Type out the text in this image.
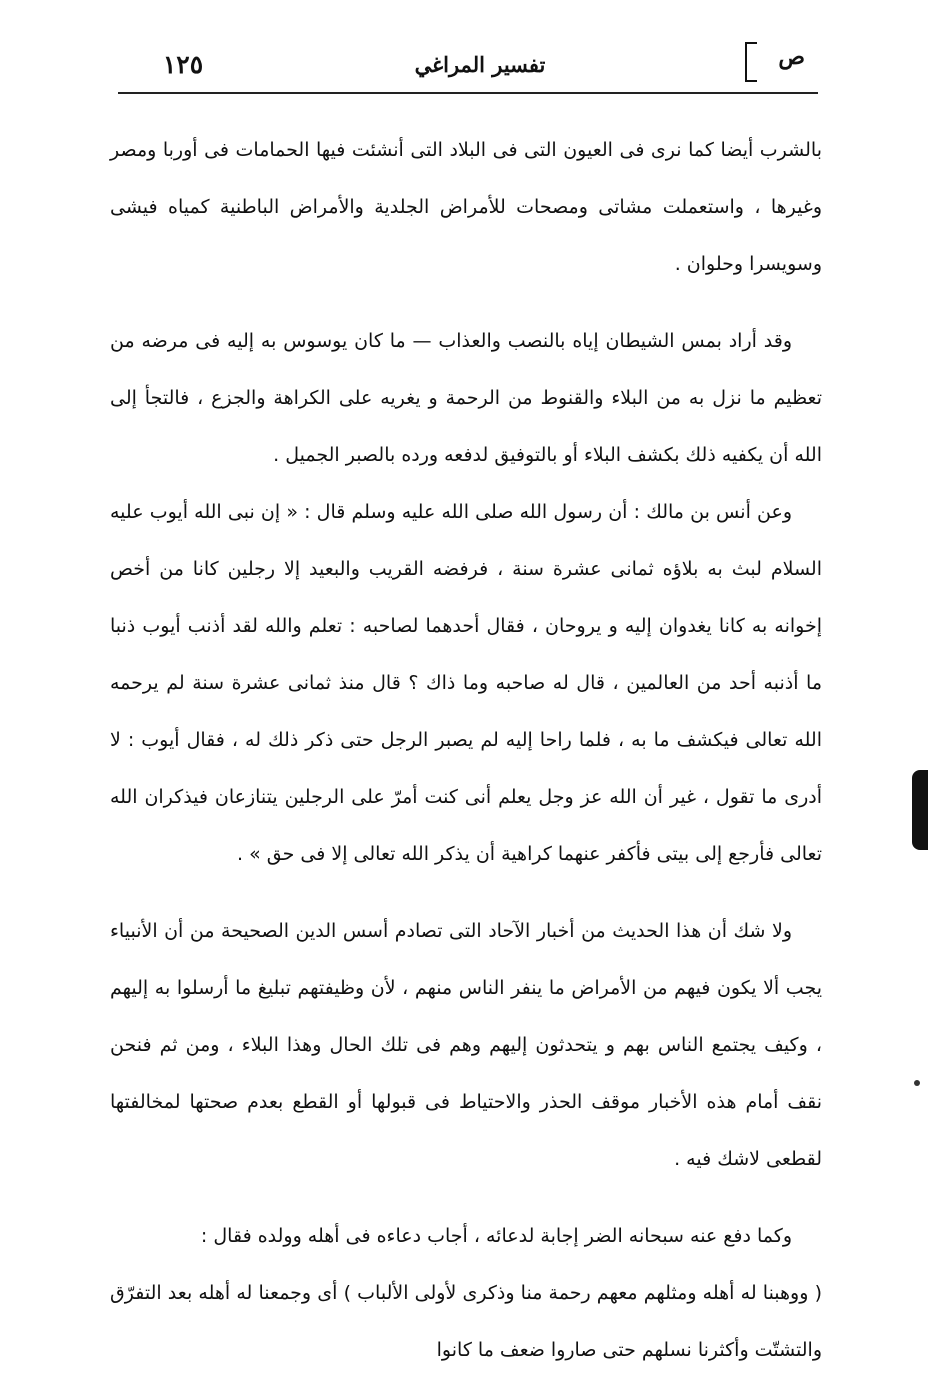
١٢٥	تفسير المراغي	ص

بالشرب أيضا كما نرى فى العيون التى فى البلاد التى أنشئت فيها الحمامات فى أوربا ومصر وغيرها ، واستعملت مشاتى ومصحات للأمراض الجلدية والأمراض الباطنية كمياه فيشى وسويسرا وحلوان .

وقد أراد بمس الشيطان إياه بالنصب والعذاب — ما كان يوسوس به إليه فى مرضه من تعظيم ما نزل به من البلاء والقنوط من الرحمة و يغريه على الكراهة والجزع ، فالتجأ إلى الله أن يكفيه ذلك بكشف البلاء أو بالتوفيق لدفعه ورده بالصبر الجميل .

وعن أنس بن مالك : أن رسول الله صلى الله عليه وسلم قال : « إن نبى الله أيوب عليه السلام لبث به بلاؤه ثمانى عشرة سنة ، فرفضه القريب والبعيد إلا رجلين كانا من أخص إخوانه به كانا يغدوان إليه و يروحان ، فقال أحدهما لصاحبه : تعلم والله لقد أذنب أيوب ذنبا ما أذنبه أحد من العالمين ، قال له صاحبه وما ذاك ؟ قال منذ ثمانى عشرة سنة لم يرحمه الله تعالى فيكشف ما به ، فلما راحا إليه لم يصبر الرجل حتى ذكر ذلك له ، فقال أيوب : لا أدرى ما تقول ، غير أن الله عز وجل يعلم أنى كنت أمرّ على الرجلين يتنازعان فيذكران الله تعالى فأرجع إلى بيتى فأكفر عنهما كراهية أن يذكر الله تعالى إلا فى حق » .

ولا شك أن هذا الحديث من أخبار الآحاد التى تصادم أسس الدين الصحيحة من أن الأنبياء يجب ألا يكون فيهم من الأمراض ما ينفر الناس منهم ، لأن وظيفتهم تبليغ ما أرسلوا به إليهم ، وكيف يجتمع الناس بهم و يتحدثون إليهم وهم فى تلك الحال وهذا البلاء ، ومن ثم فنحن نقف أمام هذه الأخبار موقف الحذر والاحتياط فى قبولها أو القطع بعدم صحتها لمخالفتها لقطعى لاشك فيه .

وكما دفع عنه سبحانه الضر إجابة لدعائه ، أجاب دعاءه فى أهله وولده فقال :

( ووهبنا له أهله ومثلهم معهم رحمة منا وذكرى لأولى الألباب ) أى وجمعنا له أهله بعد التفرّق والتشتّت وأكثرنا نسلهم حتى صاروا ضعف ما كانوا
